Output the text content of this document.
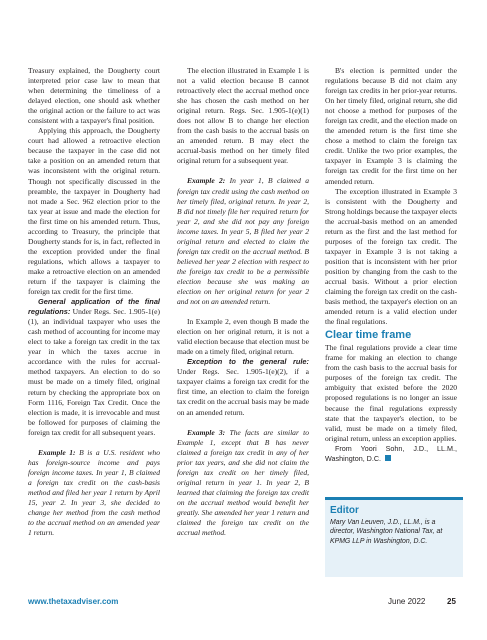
Treasury explained, the Dougherty court interpreted prior case law to mean that when determining the timeliness of a delayed election, one should ask whether the original action or the failure to act was consistent with a taxpayer's final position.

Applying this approach, the Dougherty court had allowed a retroactive election because the taxpayer in the case did not take a position on an amended return that was inconsistent with the original return. Though not specifically discussed in the preamble, the taxpayer in Dougherty had not made a Sec. 962 election prior to the tax year at issue and made the election for the first time on his amended return. Thus, according to Treasury, the principle that Dougherty stands for is, in fact, reflected in the exception provided under the final regulations, which allows a taxpayer to make a retroactive election on an amended return if the taxpayer is claiming the foreign tax credit for the first time.

General application of the final regulations: Under Regs. Sec. 1.905-1(e)(1), an individual taxpayer who uses the cash method of accounting for income may elect to take a foreign tax credit in the tax year in which the taxes accrue in accordance with the rules for accrual-method taxpayers. An election to do so must be made on a timely filed, original return by checking the appropriate box on Form 1116, Foreign Tax Credit. Once the election is made, it is irrevocable and must be followed for purposes of claiming the foreign tax credit for all subsequent years.

Example 1: B is a U.S. resident who has foreign-source income and pays foreign income taxes. In year 1, B claimed a foreign tax credit on the cash-basis method and filed her year 1 return by April 15, year 2. In year 3, she decided to change her method from the cash method to the accrual method on an amended year 1 return.

The election illustrated in Example 1 is not a valid election because B cannot retroactively elect the accrual method once she has chosen the cash method on her original return. Regs. Sec. 1.905-1(e)(1) does not allow B to change her election from the cash basis to the accrual basis on an amended return. B may elect the accrual-basis method on her timely filed original return for a subsequent year.

Example 2: In year 1, B claimed a foreign tax credit using the cash method on her timely filed, original return. In year 2, B did not timely file her required return for year 2, and she did not pay any foreign income taxes. In year 5, B filed her year 2 original return and elected to claim the foreign tax credit on the accrual method. B believed her year 2 election with respect to the foreign tax credit to be a permissible election because she was making an election on her original return for year 2 and not on an amended return.

In Example 2, even though B made the election on her original return, it is not a valid election because that election must be made on a timely filed, original return.

Exception to the general rule: Under Regs. Sec. 1.905-1(e)(2), if a taxpayer claims a foreign tax credit for the first time, an election to claim the foreign tax credit on the accrual basis may be made on an amended return.

Example 3: The facts are similar to Example 1, except that B has never claimed a foreign tax credit in any of her prior tax years, and she did not claim the foreign tax credit on her timely filed, original return in year 1. In year 2, B learned that claiming the foreign tax credit on the accrual method would benefit her greatly. She amended her year 1 return and claimed the foreign tax credit on the accrual method.

B's election is permitted under the regulations because B did not claim any foreign tax credits in her prior-year returns. On her timely filed, original return, she did not choose a method for purposes of the foreign tax credit, and the election made on the amended return is the first time she chose a method to claim the foreign tax credit. Unlike the two prior examples, the taxpayer in Example 3 is claiming the foreign tax credit for the first time on her amended return.

The exception illustrated in Example 3 is consistent with the Dougherty and Strong holdings because the taxpayer elects the accrual-basis method on an amended return as the first and the last method for purposes of the foreign tax credit. The taxpayer in Example 3 is not taking a position that is inconsistent with her prior position by changing from the cash to the accrual basis. Without a prior election claiming the foreign tax credit on the cash-basis method, the taxpayer's election on an amended return is a valid election under the final regulations.

Clear time frame

The final regulations provide a clear time frame for making an election to change from the cash basis to the accrual basis for purposes of the foreign tax credit. The ambiguity that existed before the 2020 proposed regulations is no longer an issue because the final regulations expressly state that the taxpayer's election, to be valid, must be made on a timely filed, original return, unless an exception applies.

From Yoori Sohn, J.D., LL.M., Washington, D.C.

Editor
Mary Van Leuven, J.D., LL.M., is a director, Washington National Tax, at KPMG LLP in Washington, D.C.
www.thetaxadviser.com	June 2022	25
